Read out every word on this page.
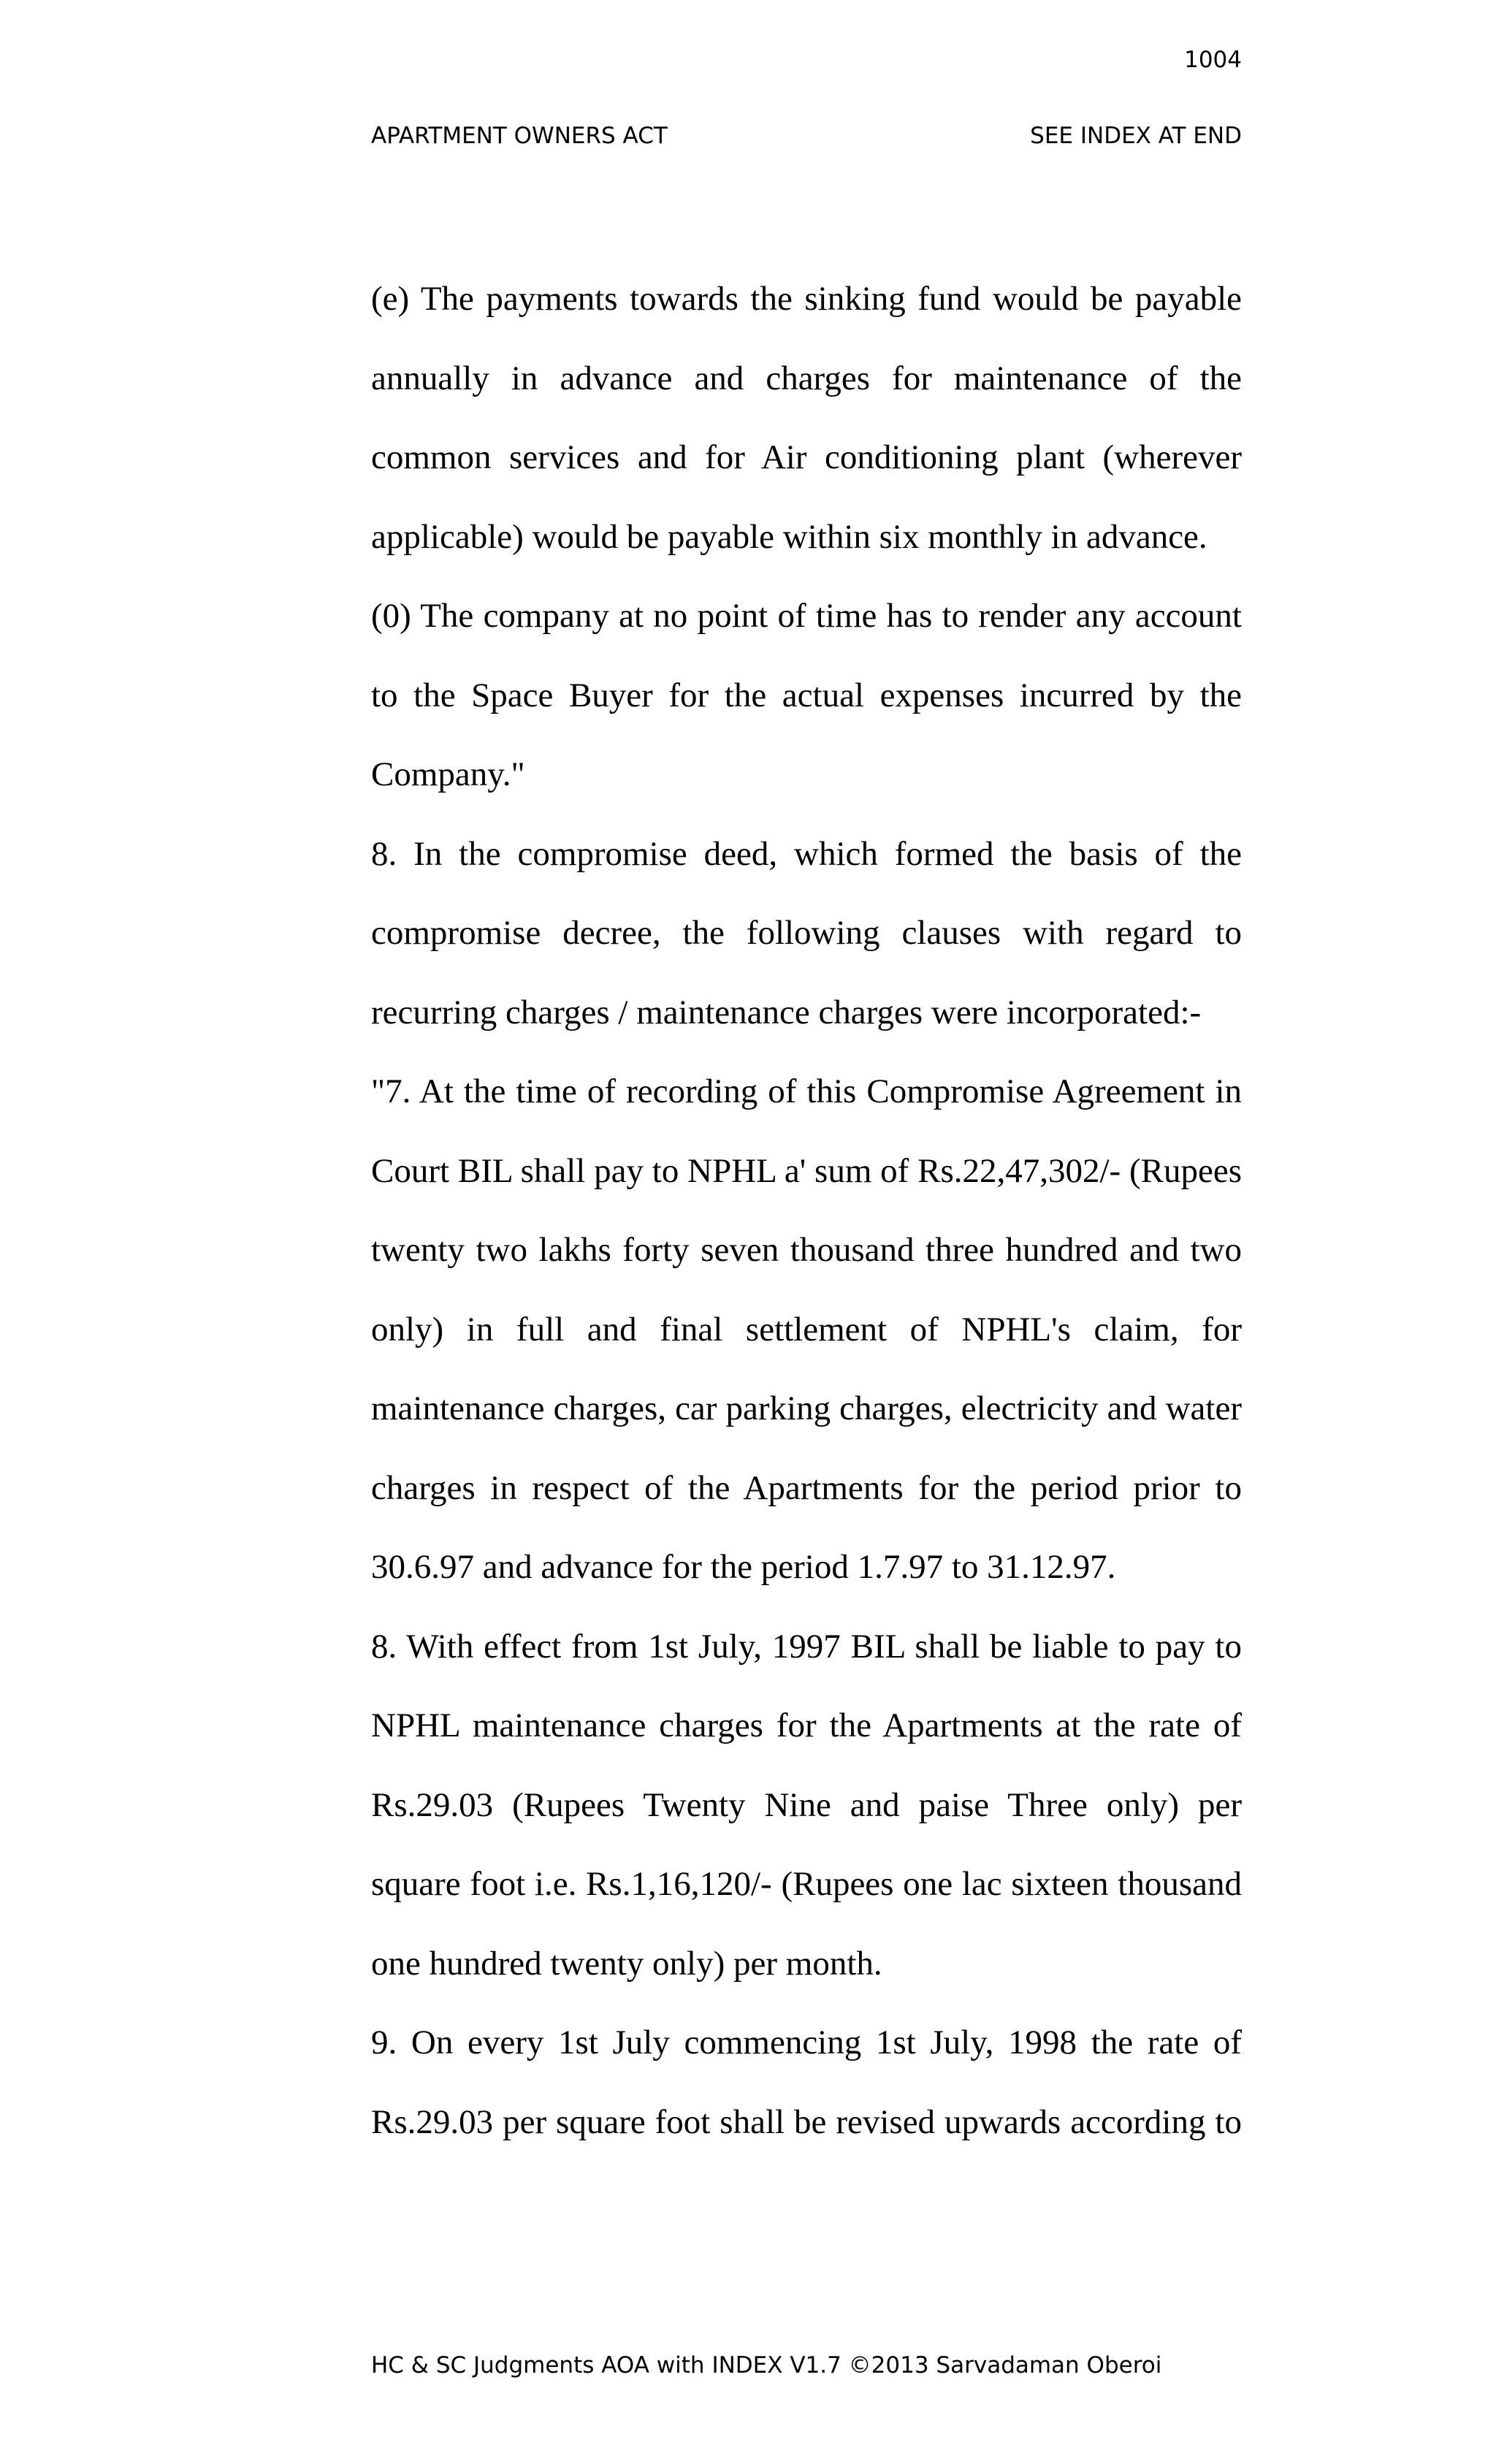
1004
APARTMENT OWNERS ACT	SEE INDEX AT END

(e) The payments towards the sinking fund would be payable annually in advance and charges for maintenance of the common services and for Air conditioning plant (wherever applicable) would be payable within six monthly in advance.

(0) The company at no point of time has to render any account to the Space Buyer for the actual expenses incurred by the Company."

8. In the compromise deed, which formed the basis of the compromise decree, the following clauses with regard to recurring charges / maintenance charges were incorporated:-

"7. At the time of recording of this Compromise Agreement in Court BIL shall pay to NPHL a' sum of Rs.22,47,302/- (Rupees twenty two lakhs forty seven thousand three hundred and two only) in full and final settlement of NPHL's claim, for maintenance charges, car parking charges, electricity and water charges in respect of the Apartments for the period prior to 30.6.97 and advance for the period 1.7.97 to 31.12.97.

8. With effect from 1st July, 1997 BIL shall be liable to pay to NPHL maintenance charges for the Apartments at the rate of Rs.29.03 (Rupees Twenty Nine and paise Three only) per square foot i.e. Rs.1,16,120/- (Rupees one lac sixteen thousand one hundred twenty only) per month.

9. On every 1st July commencing 1st July, 1998 the rate of Rs.29.03 per square foot shall be revised upwards according to

HC & SC Judgments AOA with INDEX V1.7 ©2013 Sarvadaman Oberoi
